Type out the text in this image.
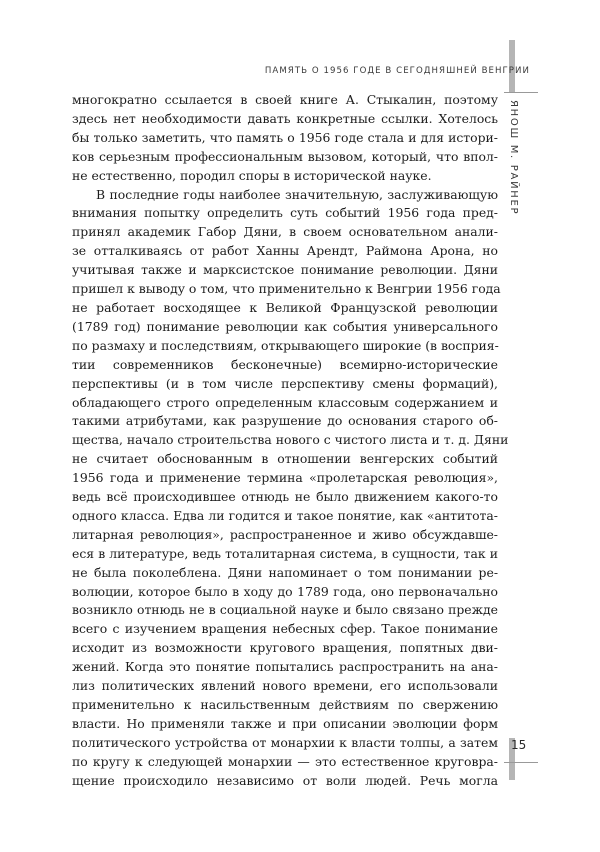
ПАМЯТЬ О 1956 ГОДЕ В СЕГОДНЯШНЕЙ ВЕНГРИИ
ЯНОШ М. РАЙНЕР
многократно ссылается в своей книге А. Стыкалин, поэтому
здесь нет необходимости давать конкретные ссылки. Хотелось
бы только заметить, что память о 1956 годе стала и для истори-
ков серьезным профессиональным вызовом, который, что впол-
не естественно, породил споры в исторической науке.
В последние годы наиболее значительную, заслуживающую
внимания попытку определить суть событий 1956 года пред-
принял академик Габор Дяни, в своем основательном анали-
зе отталкиваясь от работ Ханны Арендт, Раймона Арона, но
учитывая также и марксистское понимание революции. Дяни
пришел к выводу о том, что применительно к Венгрии 1956 года
не работает восходящее к Великой Французской революции
(1789 год) понимание революции как события универсального
по размаху и последствиям, открывающего широкие (в восприя-
тии современников бесконечные) всемирно-исторические
перспективы (и в том числе перспективу смены формаций),
обладающего строго определенным классовым содержанием и
такими атрибутами, как разрушение до основания старого об-
щества, начало строительства нового с чистого листа и т. д. Дяни
не считает обоснованным в отношении венгерских событий
1956 года и применение термина «пролетарская революция»,
ведь всё происходившее отнюдь не было движением какого-то
одного класса. Едва ли годится и такое понятие, как «антитота-
литарная революция», распространенное и живо обсуждавше-
еся в литературе, ведь тоталитарная система, в сущности, так и
не была поколеблена. Дяни напоминает о том понимании ре-
волюции, которое было в ходу до 1789 года, оно первоначально
возникло отнюдь не в социальной науке и было связано прежде
всего с изучением вращения небесных сфер. Такое понимание
исходит из возможности кругового вращения, попятных дви-
жений. Когда это понятие попытались распространить на ана-
лиз политических явлений нового времени, его использовали
применительно к насильственным действиям по свержению
власти. Но применяли также и при описании эволюции форм
политического устройства от монархии к власти толпы, а затем
по кругу к следующей монархии — это естественное круговра-
щение происходило независимо от воли людей. Речь могла
15
